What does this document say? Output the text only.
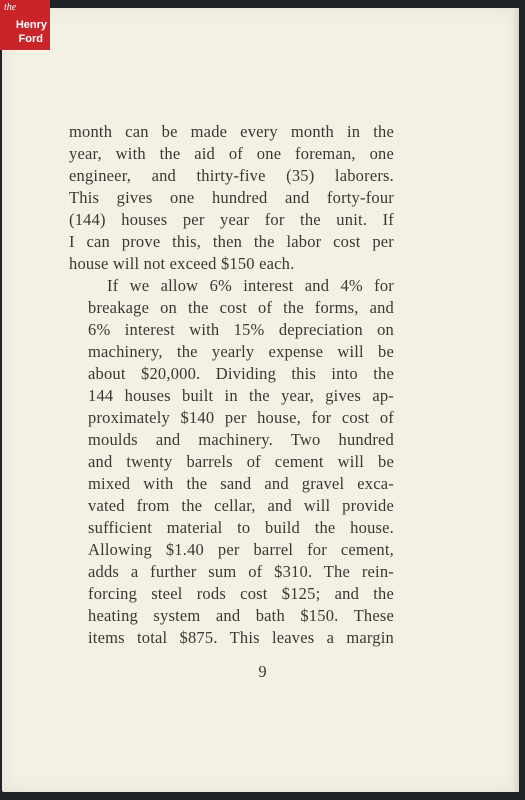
the
Henry
Ford

month can be made every month in the
year, with the aid of one foreman, one
engineer, and thirty-five (35) laborers.
This gives one hundred and forty-four
(144) houses per year for the unit. If
I can prove this, then the labor cost per
house will not exceed $150 each.

If we allow 6% interest and 4% for
breakage on the cost of the forms, and
6% interest with 15% depreciation on
machinery, the yearly expense will be
about $20,000. Dividing this into the
144 houses built in the year, gives ap-
proximately $140 per house, for cost of
moulds and machinery. Two hundred
and twenty barrels of cement will be
mixed with the sand and gravel exca-
vated from the cellar, and will provide
sufficient material to build the house.
Allowing $1.40 per barrel for cement,
adds a further sum of $310. The rein-
forcing steel rods cost $125; and the
heating system and bath $150. These
items total $875. This leaves a margin

9
